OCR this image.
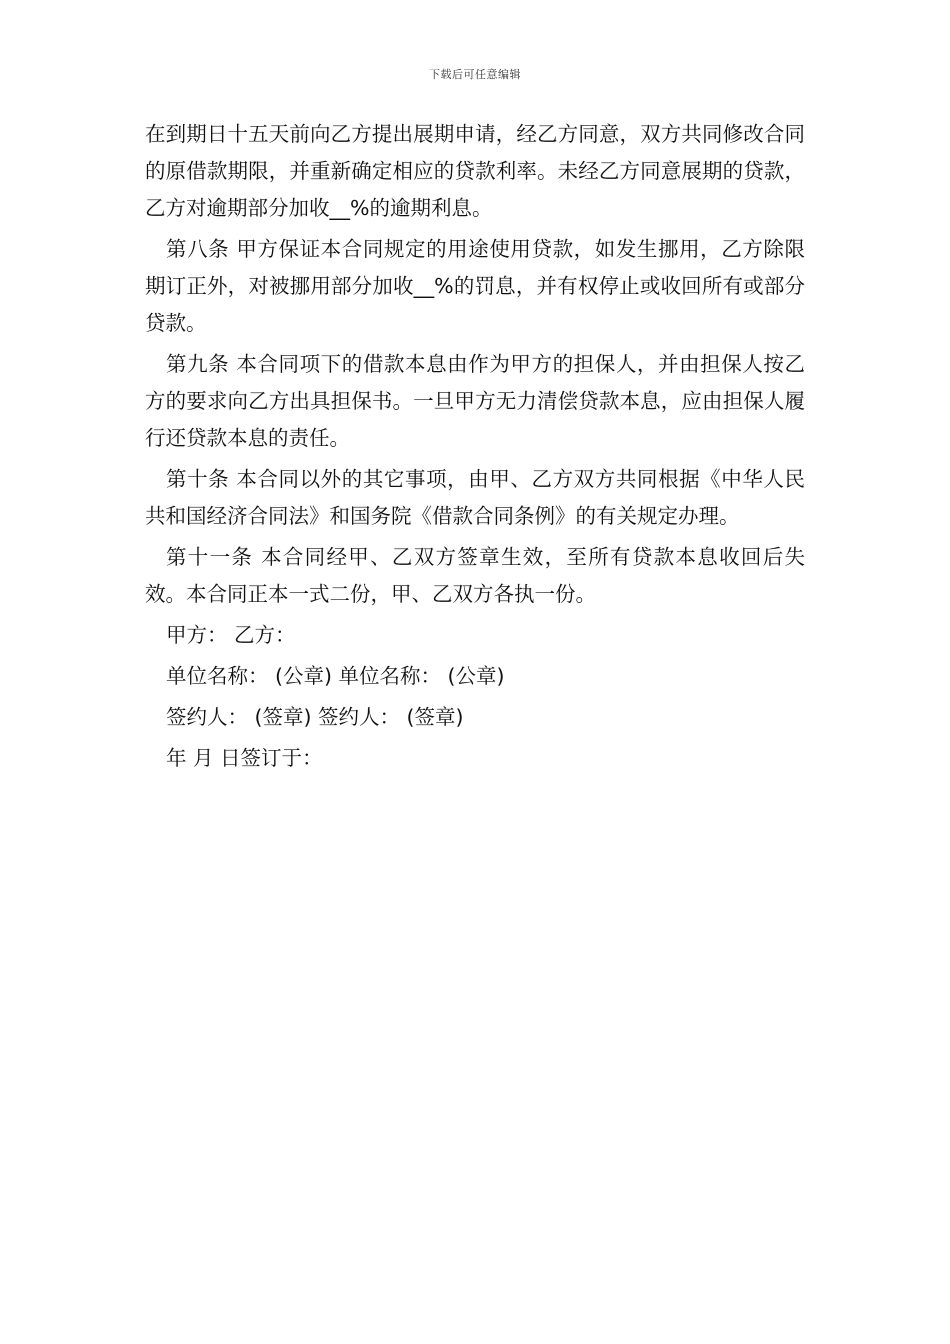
下载后可任意编辑

在到期日十五天前向乙方提出展期申请，经乙方同意，双方共同修改合同的原借款期限，并重新确定相应的贷款利率。未经乙方同意展期的贷款，乙方对逾期部分加收__%的逾期利息。

第八条 甲方保证本合同规定的用途使用贷款，如发生挪用，乙方除限期订正外，对被挪用部分加收__%的罚息，并有权停止或收回所有或部分贷款。

第九条 本合同项下的借款本息由作为甲方的担保人，并由担保人按乙方的要求向乙方出具担保书。一旦甲方无力清偿贷款本息，应由担保人履行还贷款本息的责任。

第十条 本合同以外的其它事项，由甲、乙方双方共同根据《中华人民共和国经济合同法》和国务院《借款合同条例》的有关规定办理。

第十一条 本合同经甲、乙双方签章生效，至所有贷款本息收回后失效。本合同正本一式二份，甲、乙双方各执一份。

甲方： 乙方：
单位名称： (公章) 单位名称： (公章)
签约人： (签章) 签约人： (签章)
年 月 日签订于：
